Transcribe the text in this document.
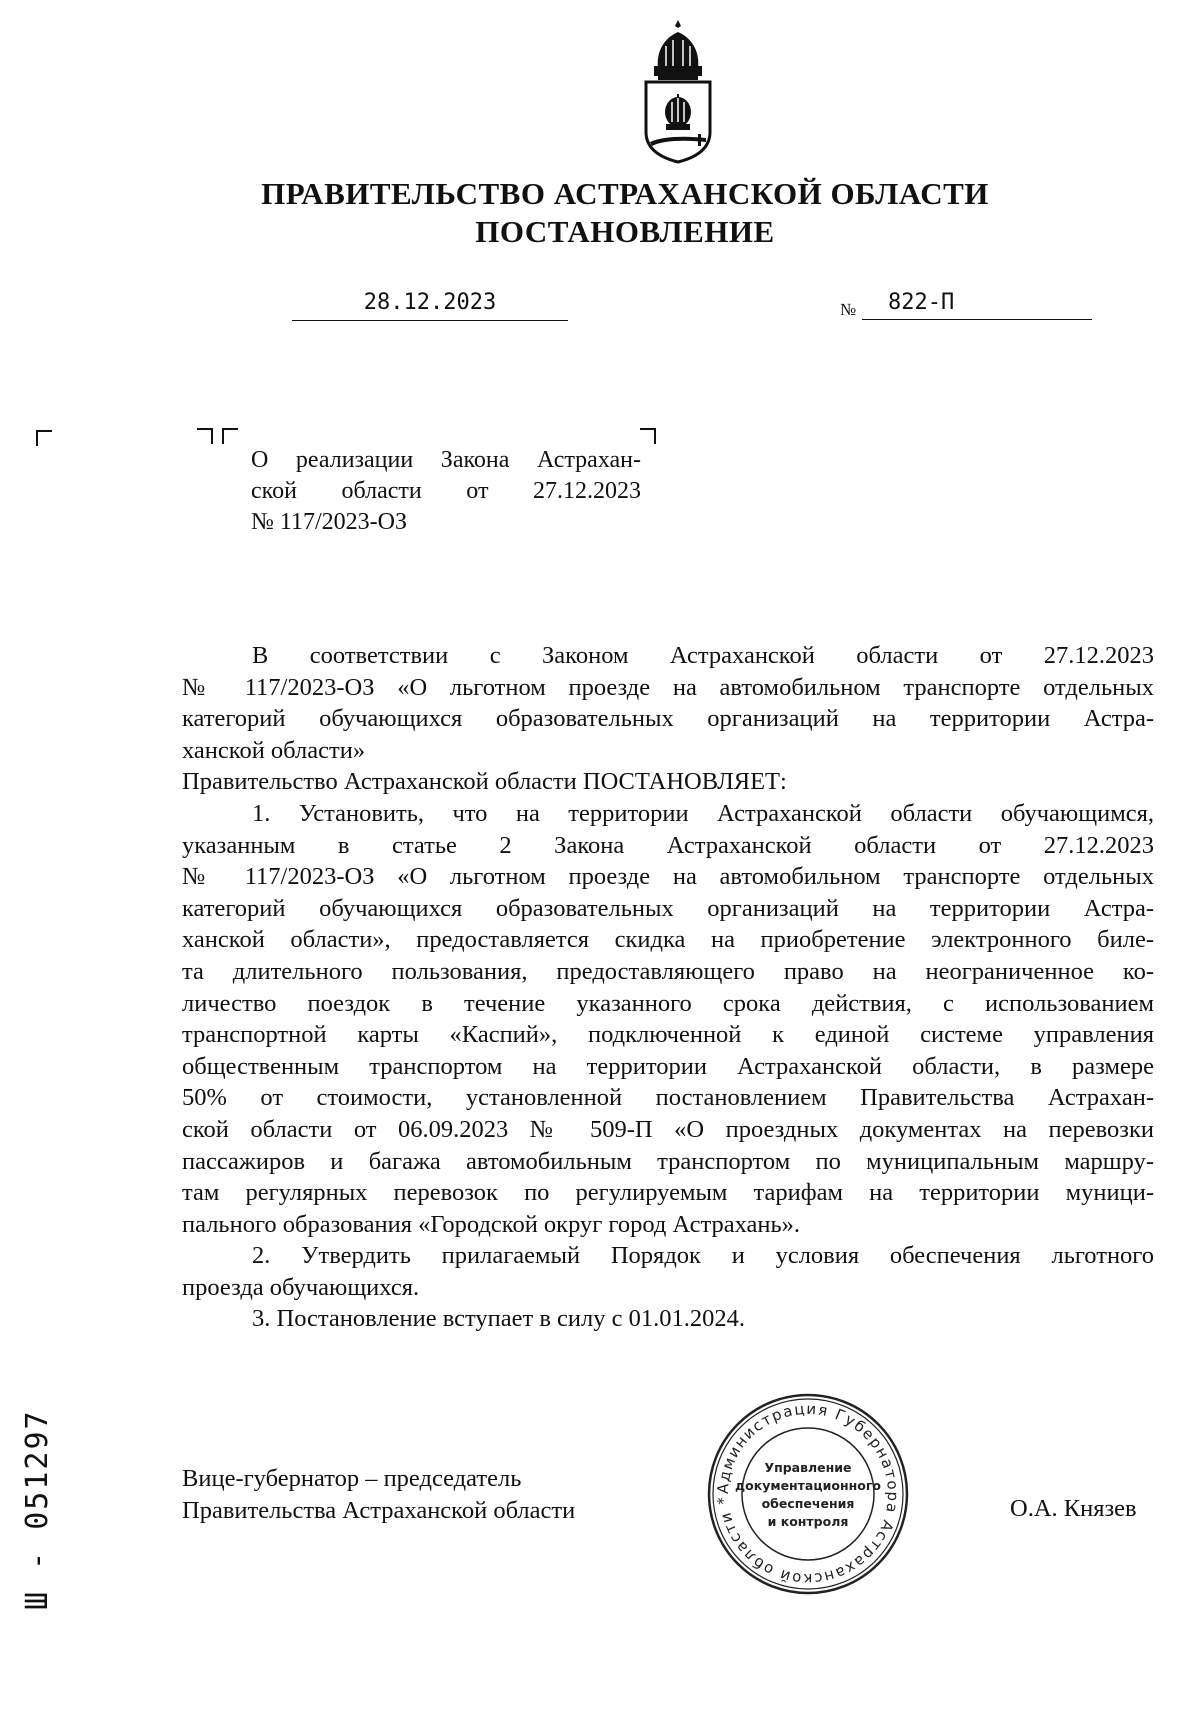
ПРАВИТЕЛЬСТВО АСТРАХАНСКОЙ ОБЛАСТИ
ПОСТАНОВЛЕНИЕ
28.12.2023	№	822-П
О реализации Закона Астрахан-
ской области от 27.12.2023
№ 117/2023-ОЗ

В соответствии с Законом Астраханской области от 27.12.2023
№ 117/2023-ОЗ «О льготном проезде на автомобильном транспорте отдельных
категорий обучающихся образовательных организаций на территории Астра-
ханской области»

Правительство Астраханской области ПОСТАНОВЛЯЕТ:

1. Установить, что на территории Астраханской области обучающимся,
указанным в статье 2 Закона Астраханской области от 27.12.2023
№ 117/2023-ОЗ «О льготном проезде на автомобильном транспорте отдельных
категорий обучающихся образовательных организаций на территории Астра-
ханской области», предоставляется скидка на приобретение электронного биле-
та длительного пользования, предоставляющего право на неограниченное ко-
личество поездок в течение указанного срока действия, с использованием
транспортной карты «Каспий», подключенной к единой системе управления
общественным транспортом на территории Астраханской области, в размере
50% от стоимости, установленной постановлением Правительства Астрахан-
ской области от 06.09.2023 № 509-П «О проездных документах на перевозки
пассажиров и багажа автомобильным транспортом по муниципальным маршру-
там регулярных перевозок по регулируемым тарифам на территории муници-
пального образования «Городской округ город Астрахань».

2. Утвердить прилагаемый Порядок и условия обеспечения льготного
проезда обучающихся.

3. Постановление вступает в силу с 01.01.2024.

Вице-губернатор – председатель
Правительства Астраханской области	О.А. Князев
Администрация Губернатора Астраханской области *
Управление
документационного
обеспечения
и контроля
Ш - 051297
